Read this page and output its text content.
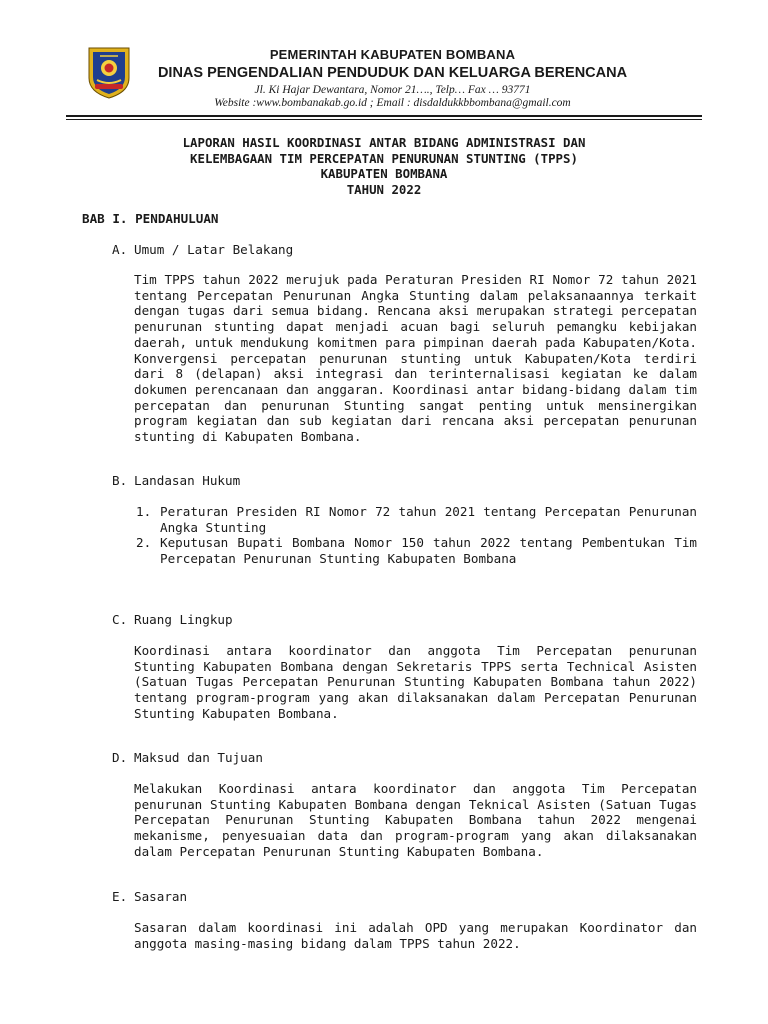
PEMERINTAH KABUPATEN BOMBANA
DINAS PENGENDALIAN PENDUDUK DAN KELUARGA BERENCANA
Jl. Ki Hajar Dewantara, Nomor 21…., Telp… Fax … 93771
Website :www.bombanakab.go.id ; Email : disdaldukkbbombana@gmail.com
LAPORAN HASIL KOORDINASI ANTAR BIDANG ADMINISTRASI DAN
KELEMBAGAAN TIM PERCEPATAN PENURUNAN STUNTING (TPPS)
KABUPATEN BOMBANA
TAHUN 2022
BAB I. PENDAHULUAN
A. Umum / Latar Belakang
Tim TPPS tahun 2022 merujuk pada Peraturan Presiden RI Nomor 72 tahun 2021 tentang Percepatan Penurunan Angka Stunting dalam pelaksanaannya terkait dengan tugas dari semua bidang. Rencana aksi merupakan strategi percepatan penurunan stunting dapat menjadi acuan bagi seluruh pemangku kebijakan daerah, untuk mendukung komitmen para pimpinan daerah pada Kabupaten/Kota. Konvergensi percepatan penurunan stunting untuk Kabupaten/Kota terdiri dari 8 (delapan) aksi integrasi dan terinternalisasi kegiatan ke dalam dokumen perencanaan dan anggaran. Koordinasi antar bidang-bidang dalam tim percepatan dan penurunan Stunting sangat penting untuk mensinergikan program kegiatan dan sub kegiatan dari rencana aksi percepatan penurunan stunting di Kabupaten Bombana.
B. Landasan Hukum
1. Peraturan Presiden RI Nomor 72 tahun 2021 tentang Percepatan Penurunan Angka Stunting
2. Keputusan Bupati Bombana Nomor 150 tahun 2022 tentang Pembentukan Tim Percepatan Penurunan Stunting Kabupaten Bombana
C. Ruang Lingkup
Koordinasi antara koordinator dan anggota Tim Percepatan penurunan Stunting Kabupaten Bombana dengan Sekretaris TPPS serta Technical Asisten (Satuan Tugas Percepatan Penurunan Stunting Kabupaten Bombana tahun 2022) tentang program-program yang akan dilaksanakan dalam Percepatan Penurunan Stunting Kabupaten Bombana.
D. Maksud dan Tujuan
Melakukan Koordinasi antara koordinator dan anggota Tim Percepatan penurunan Stunting Kabupaten Bombana dengan Teknical Asisten (Satuan Tugas Percepatan Penurunan Stunting Kabupaten Bombana tahun 2022 mengenai mekanisme, penyesuaian data dan program-program yang akan dilaksanakan dalam Percepatan Penurunan Stunting Kabupaten Bombana.
E. Sasaran
Sasaran dalam koordinasi ini adalah OPD yang merupakan Koordinator dan anggota masing-masing bidang dalam TPPS tahun 2022.
